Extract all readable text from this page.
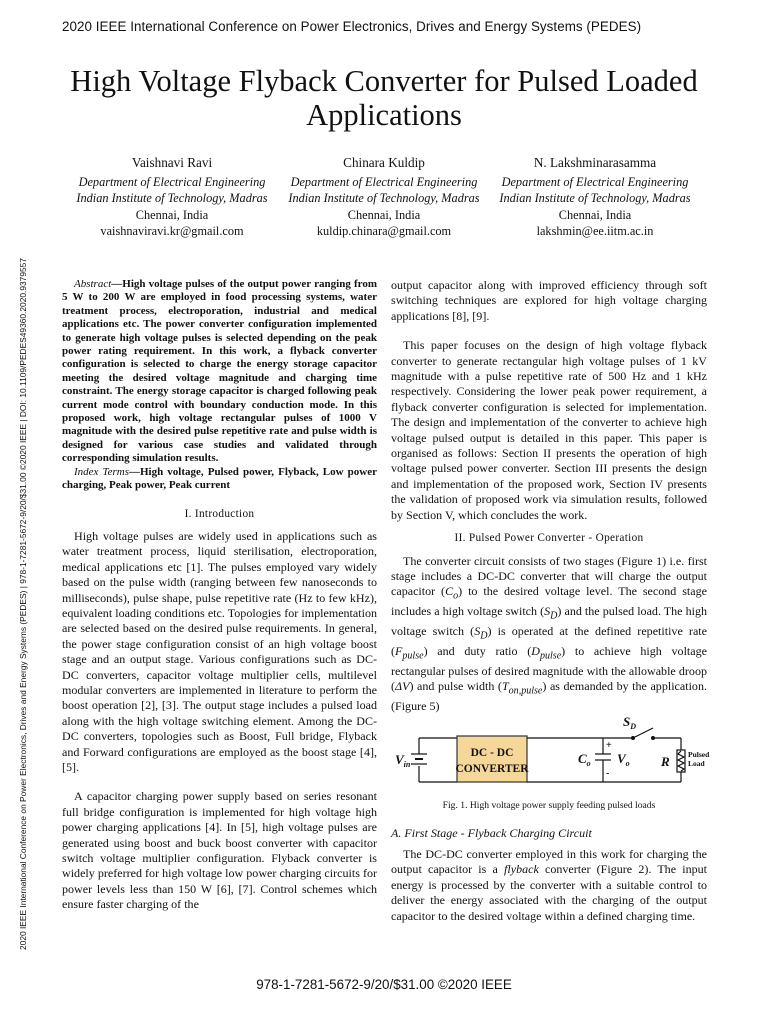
2020 IEEE International Conference on Power Electronics, Drives and Energy Systems (PEDES)
2020 IEEE International Conference on Power Electronics, Drives and Energy Systems (PEDES) | 978-1-7281-5672-9/20/$31.00 ©2020 IEEE | DOI: 10.1109/PEDES49360.2020.9379557
High Voltage Flyback Converter for Pulsed Loaded Applications
Vaishnavi Ravi
Department of Electrical Engineering
Indian Institute of Technology, Madras
Chennai, India
vaishnaviravi.kr@gmail.com
Chinara Kuldip
Department of Electrical Engineering
Indian Institute of Technology, Madras
Chennai, India
kuldip.chinara@gmail.com
N. Lakshminarasamma
Department of Electrical Engineering
Indian Institute of Technology, Madras
Chennai, India
lakshmin@ee.iitm.ac.in

Abstract—High voltage pulses of the output power ranging from 5 W to 200 W are employed in food processing systems, water treatment process, electroporation, industrial and medical applications etc. The power converter configuration implemented to generate high voltage pulses is selected depending on the peak power rating requirement. In this work, a flyback converter configuration is selected to charge the energy storage capacitor meeting the desired voltage magnitude and charging time constraint. The energy storage capacitor is charged following peak current mode control with boundary conduction mode. In this proposed work, high voltage rectangular pulses of 1000 V magnitude with the desired pulse repetitive rate and pulse width is designed for various case studies and validated through corresponding simulation results.

Index Terms—High voltage, Pulsed power, Flyback, Low power charging, Peak power, Peak current

I. Introduction

High voltage pulses are widely used in applications such as water treatment process, liquid sterilisation, electroporation, medical applications etc [1]. The pulses employed vary widely based on the pulse width (ranging between few nanoseconds to milliseconds), pulse shape, pulse repetitive rate (Hz to few kHz), equivalent loading conditions etc. Topologies for implementation are selected based on the desired pulse requirements. In general, the power stage configuration consist of an high voltage boost stage and an output stage. Various configurations such as DC- DC converters, capacitor voltage multiplier cells, multilevel modular converters are implemented in literature to perform the boost operation [2], [3]. The output stage includes a pulsed load along with the high voltage switching element. Among the DC-DC converters, topologies such as Boost, Full bridge, Flyback and Forward configurations are employed as the boost stage [4], [5].

A capacitor charging power supply based on series resonant full bridge configuration is implemented for high voltage high power charging applications [4]. In [5], high voltage pulses are generated using boost and buck boost converter with capacitor switch voltage multiplier configuration. Flyback converter is widely preferred for high voltage low power charging circuits for power levels less than 150 W [6], [7]. Control schemes which ensure faster charging of the

output capacitor along with improved efficiency through soft switching techniques are explored for high voltage charging applications [8], [9].

This paper focuses on the design of high voltage flyback converter to generate rectangular high voltage pulses of 1 kV magnitude with a pulse repetitive rate of 500 Hz and 1 kHz respectively. Considering the lower peak power requirement, a flyback converter configuration is selected for implementation. The design and implementation of the converter to achieve high voltage pulsed output is detailed in this paper. This paper is organised as follows: Section II presents the operation of high voltage pulsed power converter. Section III presents the design and implementation of the proposed work, Section IV presents the validation of proposed work via simulation results, followed by Section V, which concludes the work.

II. Pulsed Power Converter - Operation

The converter circuit consists of two stages (Figure 1) i.e. first stage includes a DC-DC converter that will charge the output capacitor $(C_o)$ to the desired voltage level. The second stage includes a high voltage switch $(S_D)$ and the pulsed load. The high voltage switch $(S_D)$ is operated at the defined repetitive rate $(F_{pulse})$ and duty ratio $(D_{pulse})$ to achieve high voltage rectangular pulses of desired magnitude with the allowable droop (ΔV) and pulse width $(T_{on,pulse})$ as demanded by the application. (Figure 5)

$V_{in}$
DC - DC
CONVERTER
$C_o$ $V_o$
+
-
$S_D$
R Pulsed
Load
Fig. 1. High voltage power supply feeding pulsed loads
A. First Stage - Flyback Charging Circuit

The DC-DC converter employed in this work for charging the output capacitor is a flyback converter (Figure 2). The input energy is processed by the converter with a suitable control to deliver the energy associated with the charging of the output capacitor to the desired voltage within a defined charging time.

978-1-7281-5672-9/20/$31.00 ©2020 IEEE
